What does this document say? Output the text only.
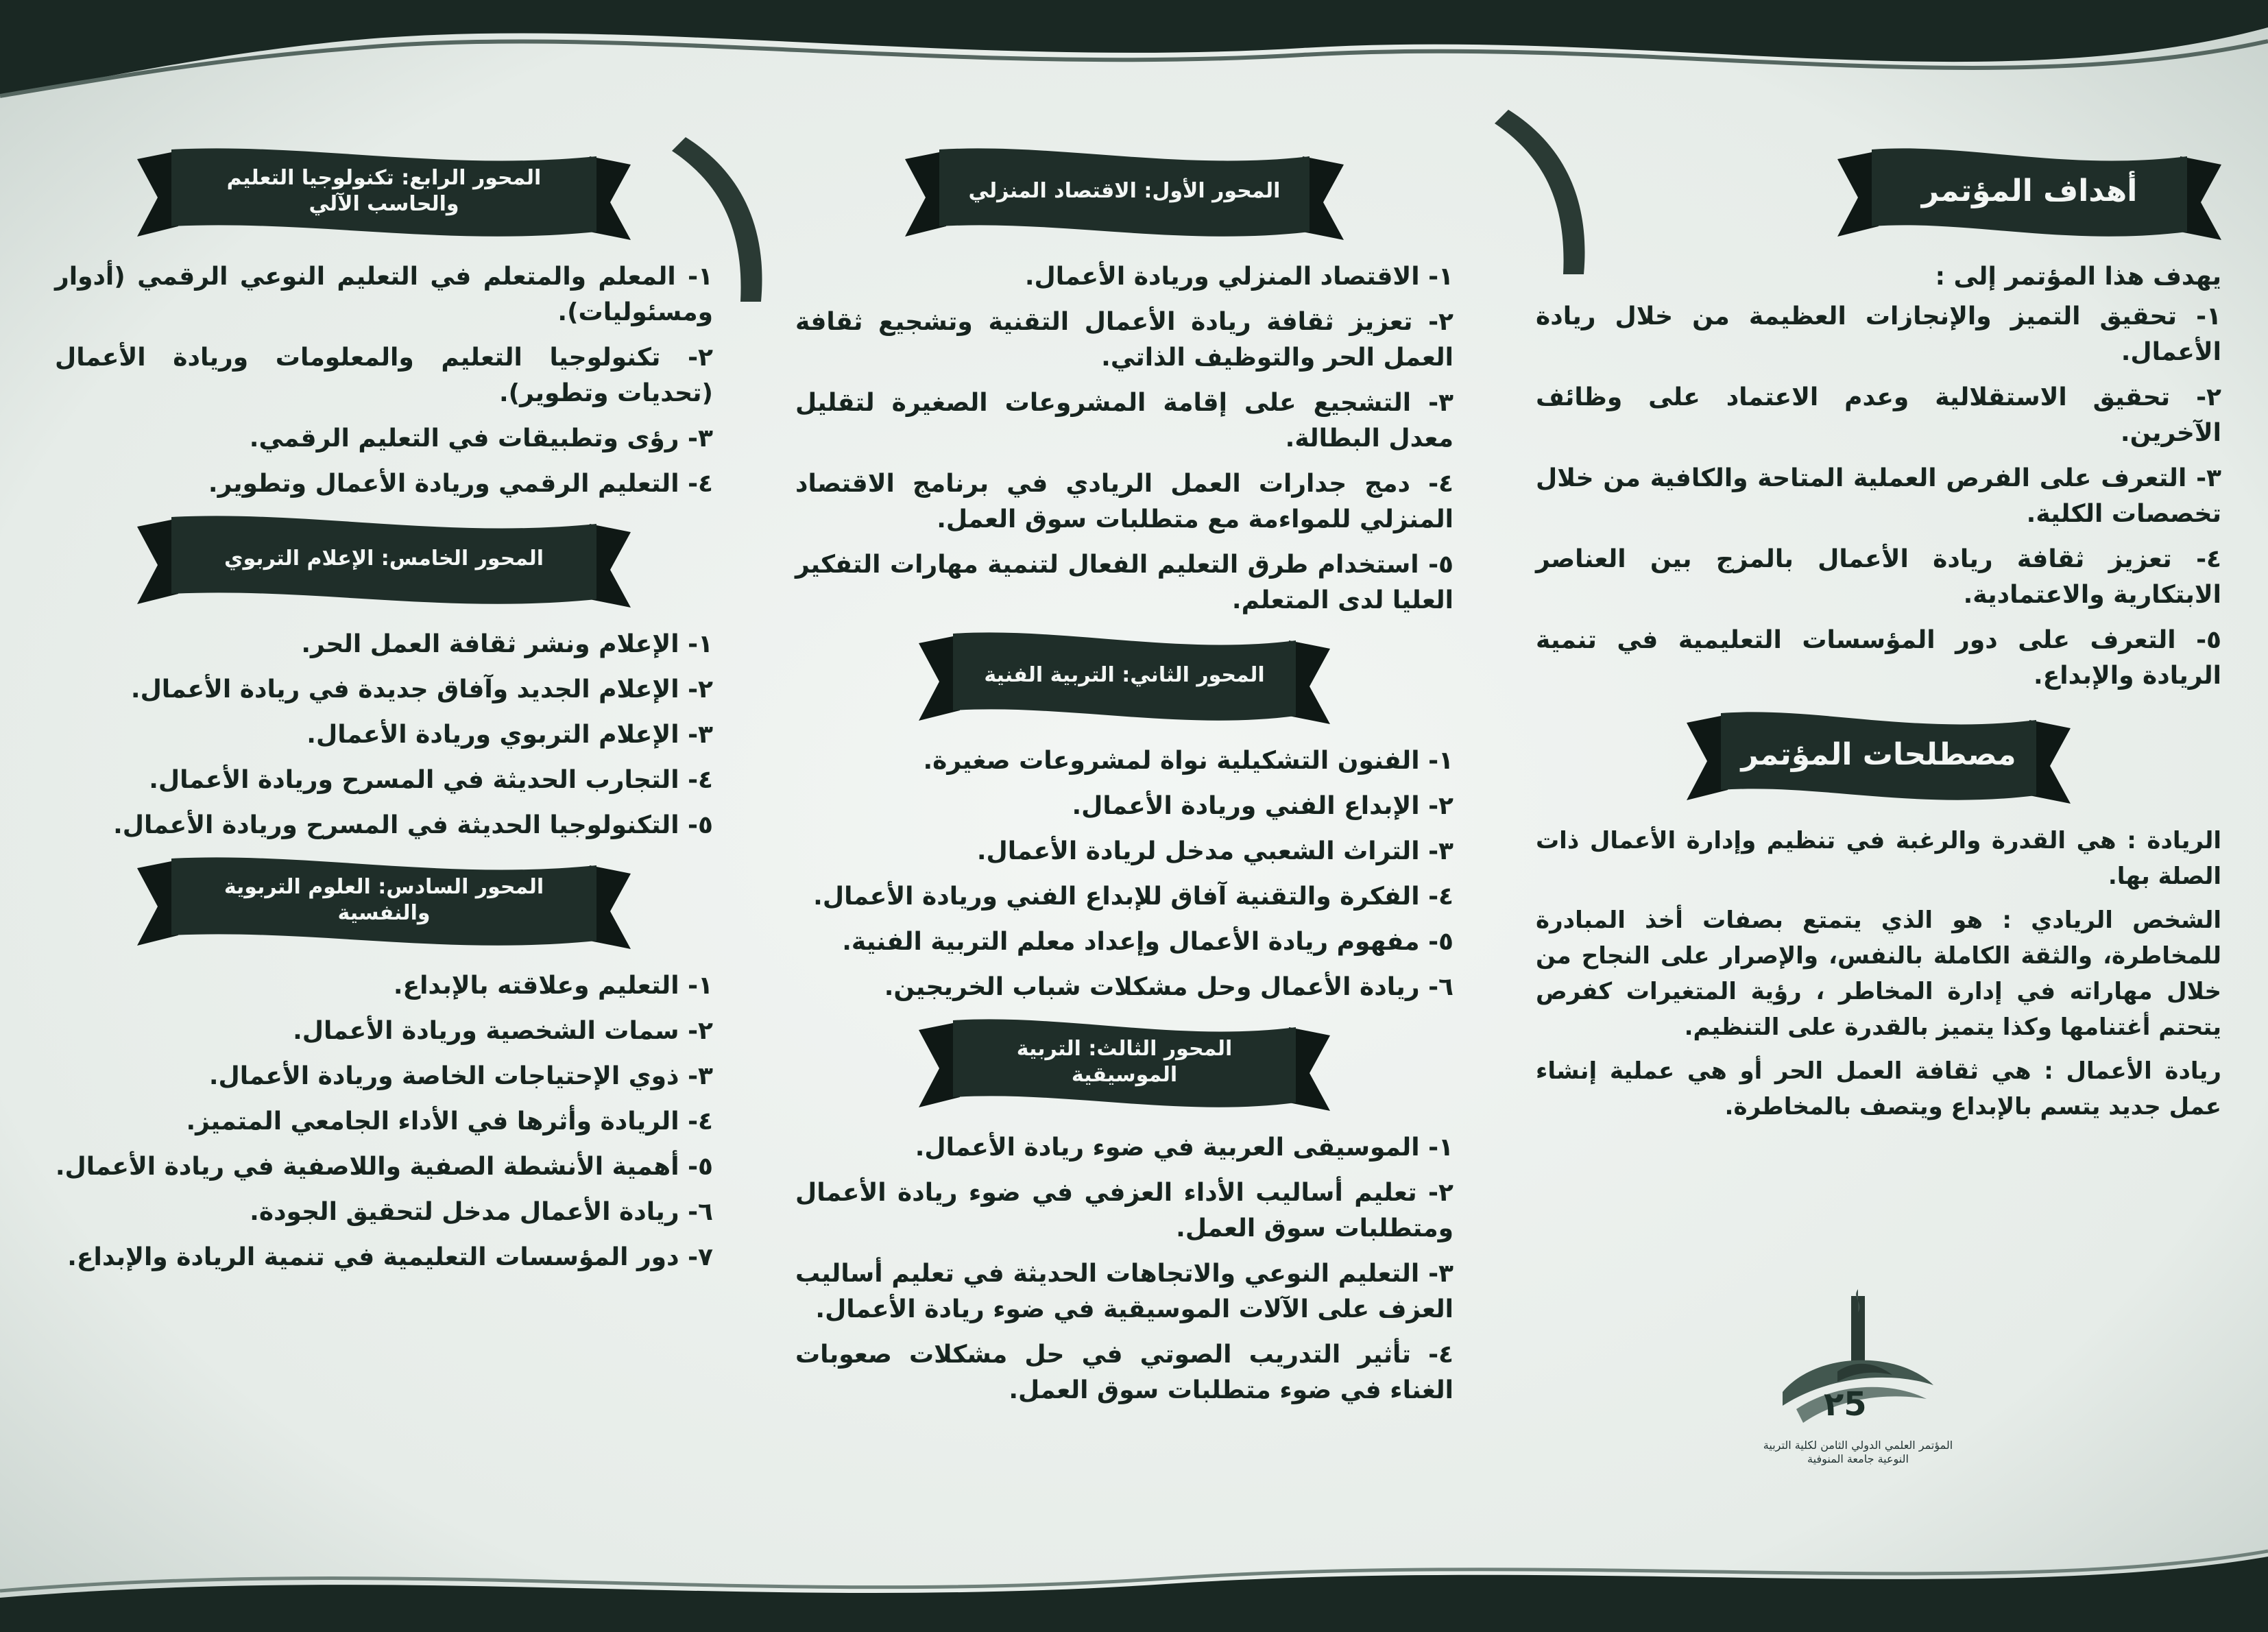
أهداف المؤتمر

يهدف هذا المؤتمر إلى :

١- تحقيق التميز والإنجازات العظيمة من خلال ريادة الأعمال.
٢- تحقيق الاستقلالية وعدم الاعتماد على وظائف الآخرين.
٣- التعرف على الفرص العملية المتاحة والكافية من خلال تخصصات الكلية.
٤- تعزيز ثقافة ريادة الأعمال بالمزج بين العناصر الابتكارية والاعتمادية.
٥- التعرف على دور المؤسسات التعليمية في تنمية الريادة والإبداع.
مصطلحات المؤتمر

الريادة : هي القدرة والرغبة في تنظيم وإدارة الأعمال ذات الصلة بها.

الشخص الريادي : هو الذي يتمتع بصفات أخذ المبادرة للمخاطرة، والثقة الكاملة بالنفس، والإصرار على النجاح من خلال مهاراته في إدارة المخاطر ، رؤية المتغيرات كفرص يتحتم أغتنامها وكذا يتميز بالقدرة على التنظيم.

ريادة الأعمال : هي ثقافة العمل الحر أو هي عملية إنشاء عمل جديد يتسم بالإبداع ويتصف بالمخاطرة.

المحور الأول: الاقتصاد المنزلي
١- الاقتصاد المنزلي وريادة الأعمال.
٢- تعزيز ثقافة ريادة الأعمال التقنية وتشجيع ثقافة العمل الحر والتوظيف الذاتي.
٣- التشجيع على إقامة المشروعات الصغيرة لتقليل معدل البطالة.
٤- دمج جدارات العمل الريادي في برنامج الاقتصاد المنزلي للمواءمة مع متطلبات سوق العمل.
٥- استخدام طرق التعليم الفعال لتنمية مهارات التفكير العليا لدى المتعلم.
المحور الثاني: التربية الفنية
١- الفنون التشكيلية نواة لمشروعات صغيرة.
٢- الإبداع الفني وريادة الأعمال.
٣- التراث الشعبي مدخل لريادة الأعمال.
٤- الفكرة والتقنية آفاق للإبداع الفني وريادة الأعمال.
٥- مفهوم ريادة الأعمال وإعداد معلم التربية الفنية.
٦- ريادة الأعمال وحل مشكلات شباب الخريجين.
المحور الثالث: التربية الموسيقية
١- الموسيقى العربية في ضوء ريادة الأعمال.
٢- تعليم أساليب الأداء العزفي في ضوء ريادة الأعمال ومتطلبات سوق العمل.
٣- التعليم النوعي والاتجاهات الحديثة في تعليم أساليب العزف على الآلات الموسيقية في ضوء ريادة الأعمال.
٤- تأثير التدريب الصوتي في حل مشكلات صعوبات الغناء في ضوء متطلبات سوق العمل.
المحور الرابع: تكنولوجيا التعليم والحاسب الآلي
١- المعلم والمتعلم في التعليم النوعي الرقمي (أدوار ومسئوليات).
٢- تكنولوجيا التعليم والمعلومات وريادة الأعمال (تحديات وتطوير).
٣- رؤى وتطبيقات في التعليم الرقمي.
٤- التعليم الرقمي وريادة الأعمال وتطوير.
المحور الخامس: الإعلام التربوي
١- الإعلام ونشر ثقافة العمل الحر.
٢- الإعلام الجديد وآفاق جديدة في ريادة الأعمال.
٣- الإعلام التربوي وريادة الأعمال.
٤- التجارب الحديثة في المسرح وريادة الأعمال.
٥- التكنولوجيا الحديثة في المسرح وريادة الأعمال.
المحور السادس: العلوم التربوية والنفسية
١- التعليم وعلاقته بالإبداع.
٢- سمات الشخصية وريادة الأعمال.
٣- ذوي الإحتياجات الخاصة وريادة الأعمال.
٤- الريادة وأثرها في الأداء الجامعي المتميز.
٥- أهمية الأنشطة الصفية واللاصفية في ريادة الأعمال.
٦- ريادة الأعمال مدخل لتحقيق الجودة.
٧- دور المؤسسات التعليمية في تنمية الريادة والإبداع.
٢5
المؤتمر العلمي الدولي الثامن لكلية التربية النوعية جامعة المنوفية
